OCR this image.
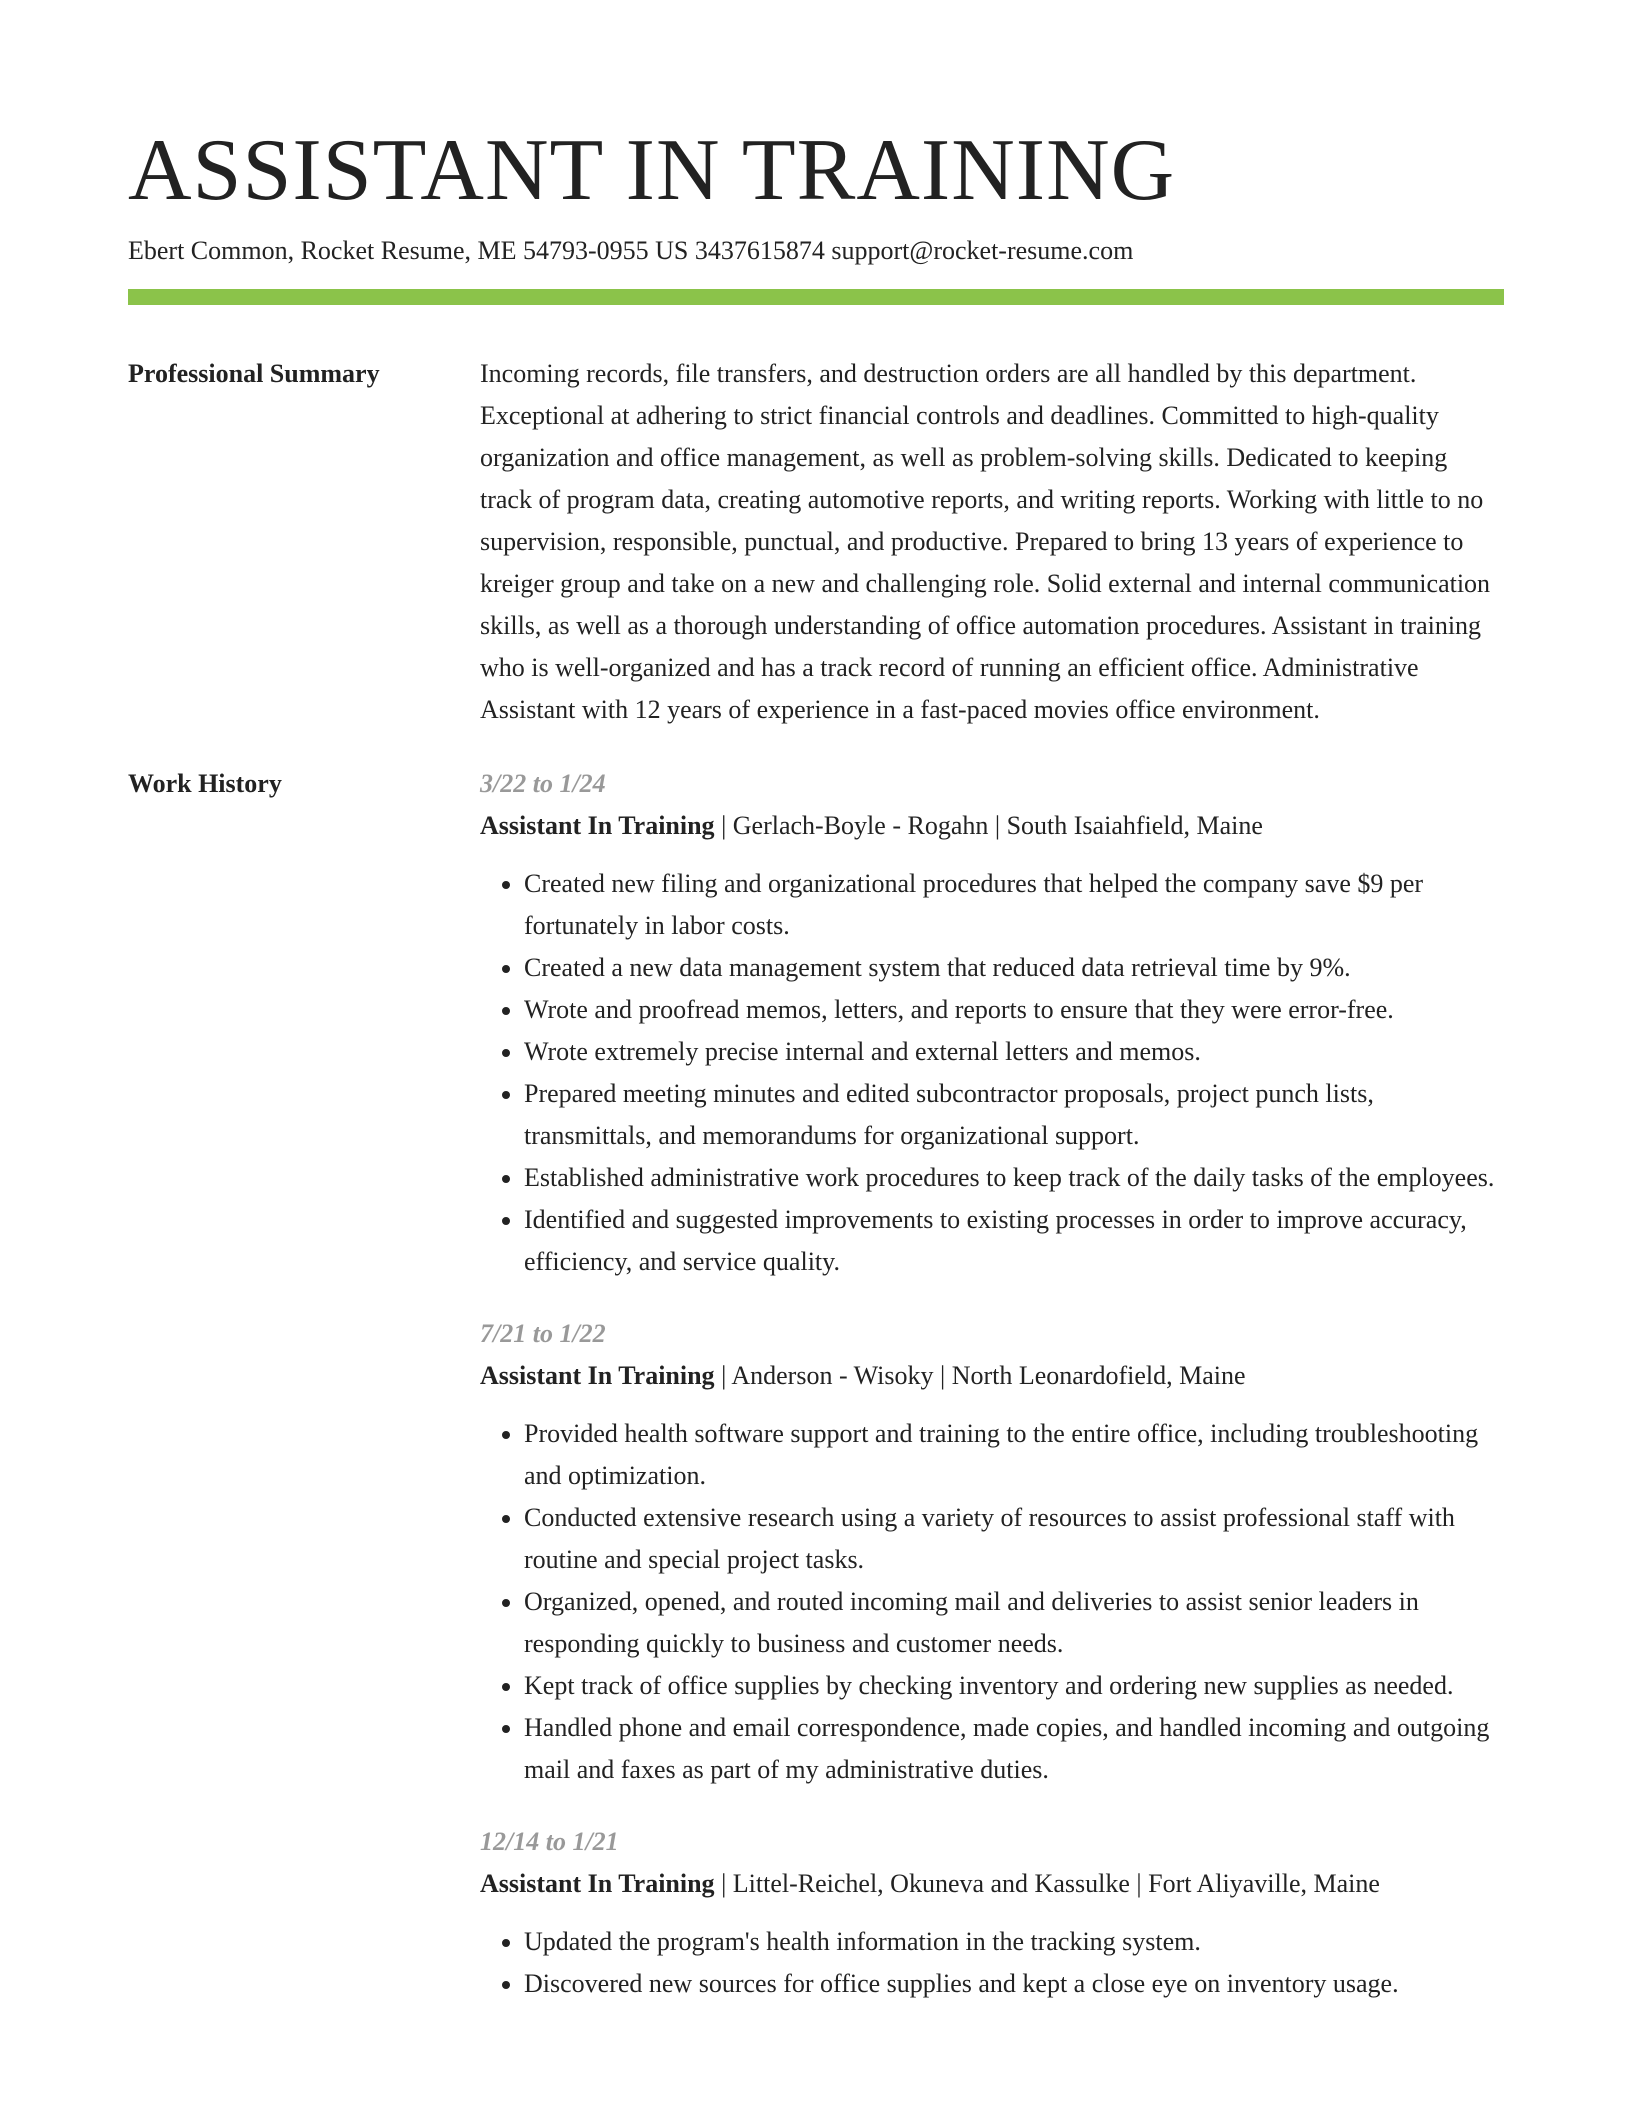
ASSISTANT IN TRAINING
Ebert Common, Rocket Resume, ME 54793-0955 US 3437615874 support@rocket-resume.com
Professional Summary	Incoming records, file transfers, and destruction orders are all handled by this department. Exceptional at adhering to strict financial controls and deadlines. Committed to high-quality organization and office management, as well as problem-solving skills. Dedicated to keeping track of program data, creating automotive reports, and writing reports. Working with little to no supervision, responsible, punctual, and productive. Prepared to bring 13 years of experience to kreiger group and take on a new and challenging role. Solid external and internal communication skills, as well as a thorough understanding of office automation procedures. Assistant in training who is well-organized and has a track record of running an efficient office. Administrative Assistant with 12 years of experience in a fast-paced movies office environment.

Work History	3/22 to 1/24
Assistant In Training | Gerlach-Boyle - Rogahn | South Isaiahfield, Maine
• Created new filing and organizational procedures that helped the company save $9 per fortunately in labor costs.
• Created a new data management system that reduced data retrieval time by 9%.
• Wrote and proofread memos, letters, and reports to ensure that they were error-free.
• Wrote extremely precise internal and external letters and memos.
• Prepared meeting minutes and edited subcontractor proposals, project punch lists, transmittals, and memorandums for organizational support.
• Established administrative work procedures to keep track of the daily tasks of the employees.
• Identified and suggested improvements to existing processes in order to improve accuracy, efficiency, and service quality.
7/21 to 1/22
Assistant In Training | Anderson - Wisoky | North Leonardofield, Maine
• Provided health software support and training to the entire office, including troubleshooting and optimization.
• Conducted extensive research using a variety of resources to assist professional staff with routine and special project tasks.
• Organized, opened, and routed incoming mail and deliveries to assist senior leaders in responding quickly to business and customer needs.
• Kept track of office supplies by checking inventory and ordering new supplies as needed.
• Handled phone and email correspondence, made copies, and handled incoming and outgoing mail and faxes as part of my administrative duties.
12/14 to 1/21
Assistant In Training | Littel-Reichel, Okuneva and Kassulke | Fort Aliyaville, Maine
• Updated the program's health information in the tracking system.
• Discovered new sources for office supplies and kept a close eye on inventory usage.
